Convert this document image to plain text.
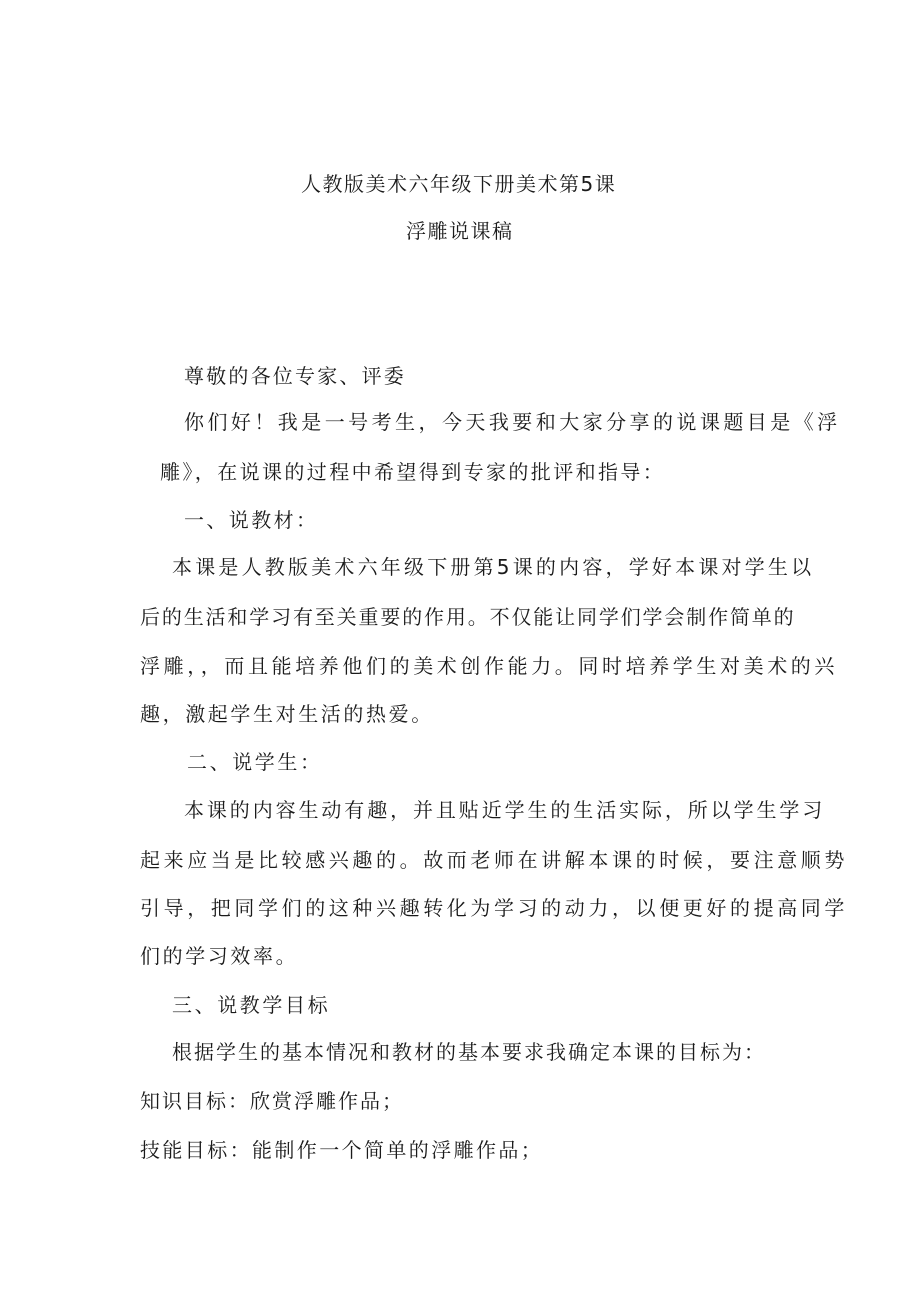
人教版美术六年级下册美术第5课
浮雕说课稿
尊敬的各位专家、评委
你们好！我是一号考生，今天我要和大家分享的说课题目是《浮
雕》，在说课的过程中希望得到专家的批评和指导：
一、说教材：
本课是人教版美术六年级下册第5课的内容，学好本课对学生以
后的生活和学习有至关重要的作用。不仅能让同学们学会制作简单的
浮雕，，而且能培养他们的美术创作能力。同时培养学生对美术的兴
趣，激起学生对生活的热爱。
二、说学生：
本课的内容生动有趣，并且贴近学生的生活实际，所以学生学习
起来应当是比较感兴趣的。故而老师在讲解本课的时候，要注意顺势
引导，把同学们的这种兴趣转化为学习的动力，以便更好的提高同学
们的学习效率。
三、说教学目标
根据学生的基本情况和教材的基本要求我确定本课的目标为：
知识目标：欣赏浮雕作品；
技能目标：能制作一个简单的浮雕作品；
